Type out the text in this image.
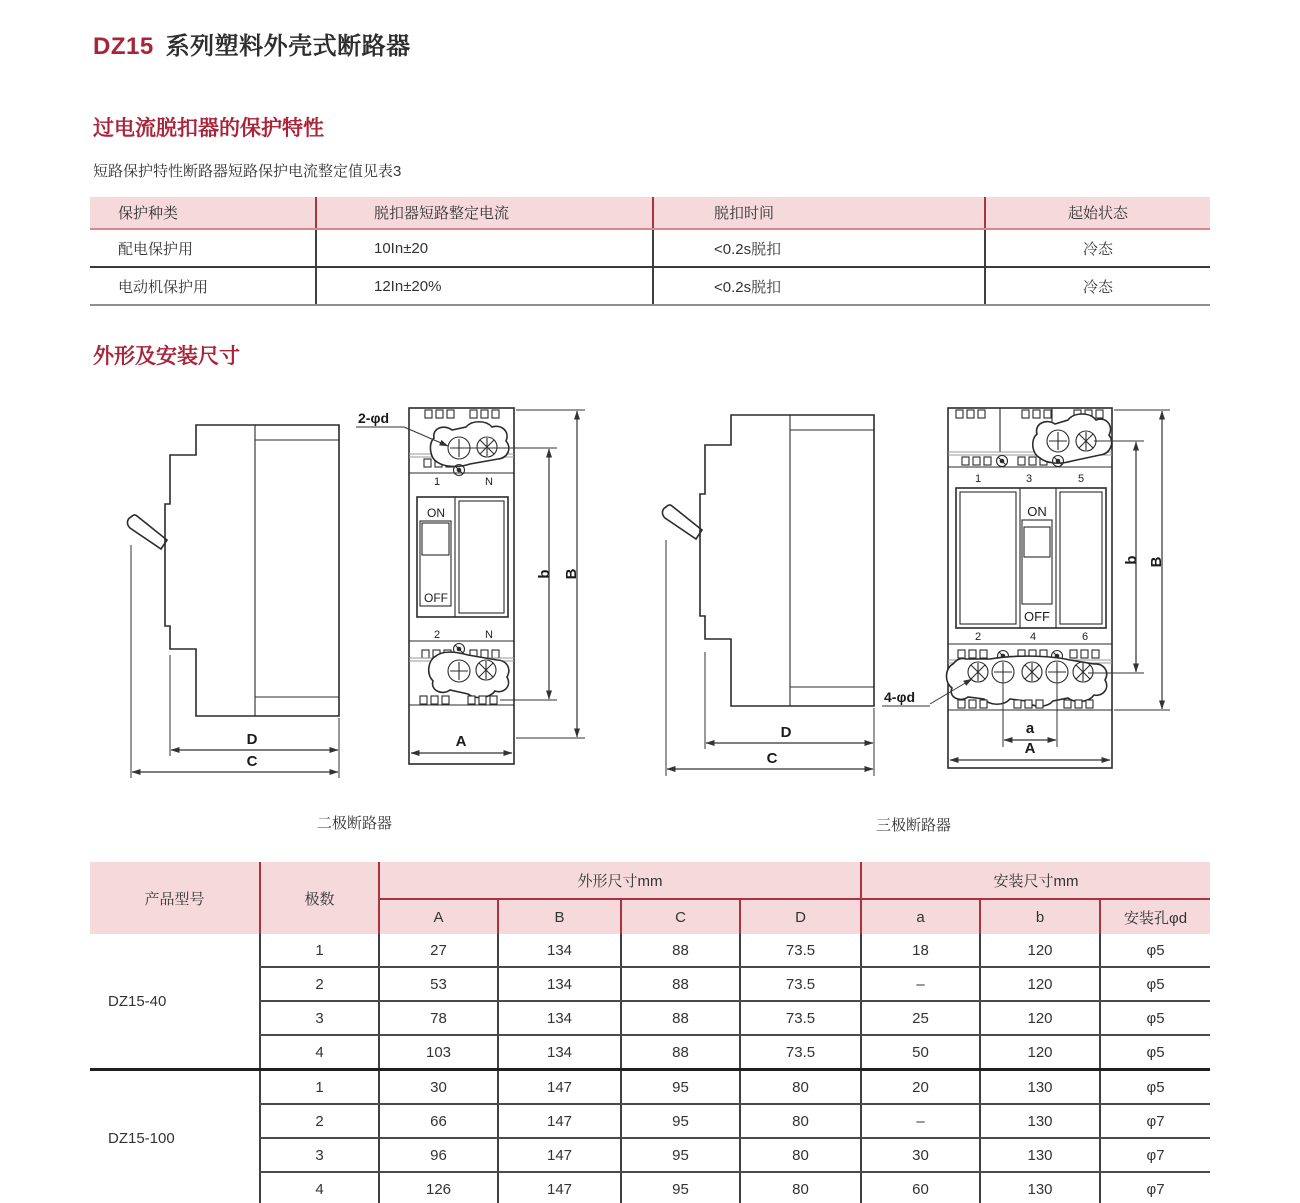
DZ15 系列塑料外壳式断路器
过电流脱扣器的保护特性
短路保护特性断路器短路保护电流整定值见表3
保护种类	脱扣器短路整定电流	脱扣时间	起始状态
配电保护用	10In±20	<0.2s脱扣	冷态
电动机保护用	12In±20%	<0.2s脱扣	冷态
外形及安装尺寸
D
C
1	N
ON
OFF
2	N
2-φd
b B
A
D
C
1	3	5
ON
OFF
2	4	6
4-φd
b B
a
A
二极断路器	三极断路器
产品型号	极数	外形尺寸mm				安装尺寸mm		
		A	B	C	D	a	b	安装孔φd
DZ15-40	1	27	134	88	73.5	18	120	φ5
	2	53	134	88	73.5	–	120	φ5
	3	78	134	88	73.5	25	120	φ5
	4	103	134	88	73.5	50	120	φ5
DZ15-100	1	30	147	95	80	20	130	φ5
	2	66	147	95	80	–	130	φ7
	3	96	147	95	80	30	130	φ7
	4	126	147	95	80	60	130	φ7
